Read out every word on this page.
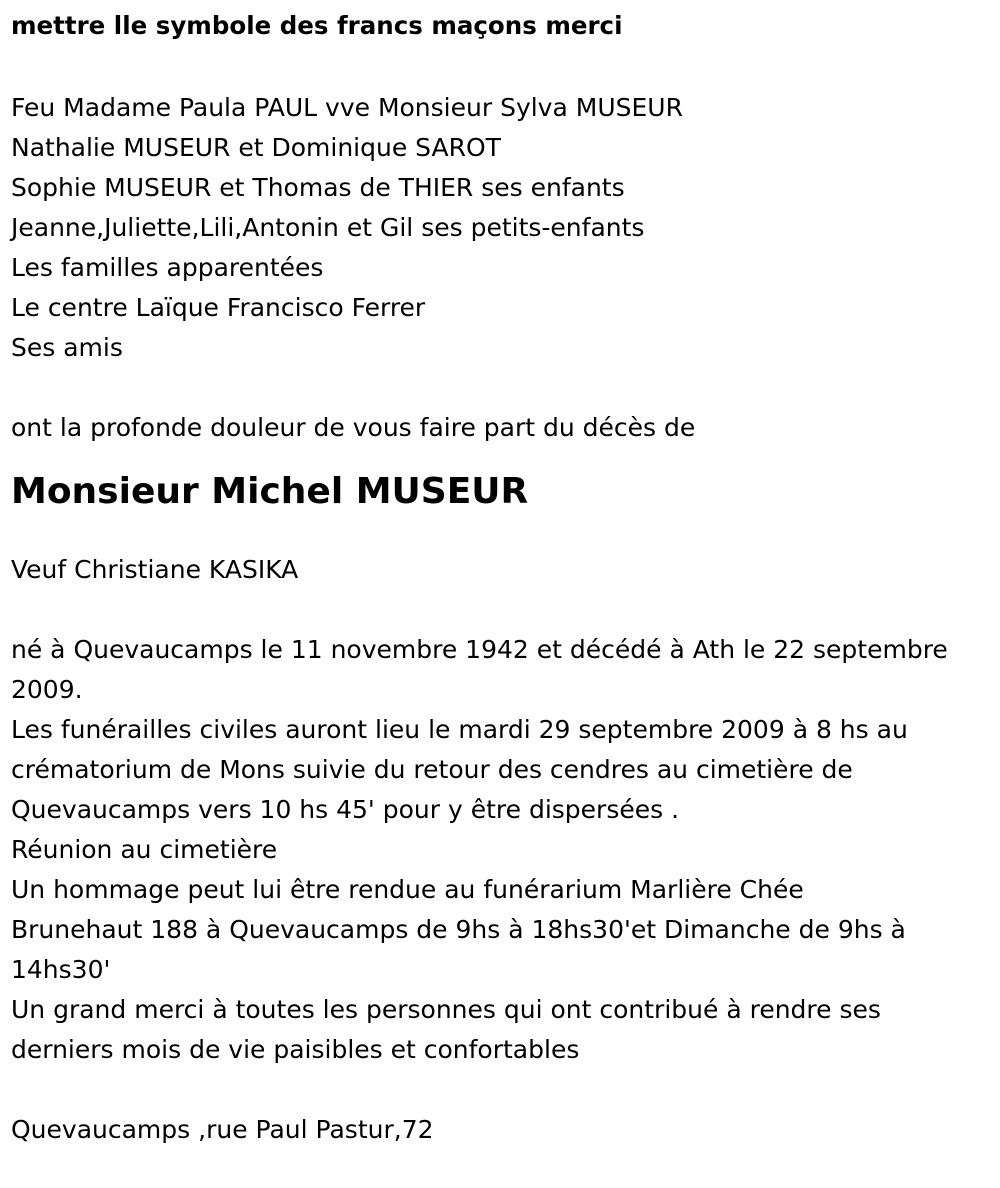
mettre lle symbole des francs maçons merci
Feu Madame Paula PAUL vve Monsieur Sylva MUSEUR
Nathalie MUSEUR et Dominique SAROT
Sophie MUSEUR et Thomas de THIER ses enfants
Jeanne,Juliette,Lili,Antonin et Gil ses petits-enfants
Les familles apparentées
Le centre Laïque Francisco Ferrer
Ses amis
ont la profonde douleur de vous faire part du décès de
Monsieur Michel MUSEUR
Veuf Christiane KASIKA
né à Quevaucamps le 11 novembre 1942 et décédé à Ath le 22 septembre
2009.
Les funérailles civiles auront lieu le mardi 29 septembre 2009 à 8 hs au
crématorium de Mons suivie du retour des cendres au cimetière de
Quevaucamps vers 10 hs 45' pour y être dispersées .
Réunion au cimetière
Un hommage peut lui être rendue au funérarium Marlière Chée
Brunehaut 188 à Quevaucamps de 9hs à 18hs30'et Dimanche de 9hs à
14hs30'
Un grand merci à toutes les personnes qui ont contribué à rendre ses
derniers mois de vie paisibles et confortables
Quevaucamps ,rue Paul Pastur,72
